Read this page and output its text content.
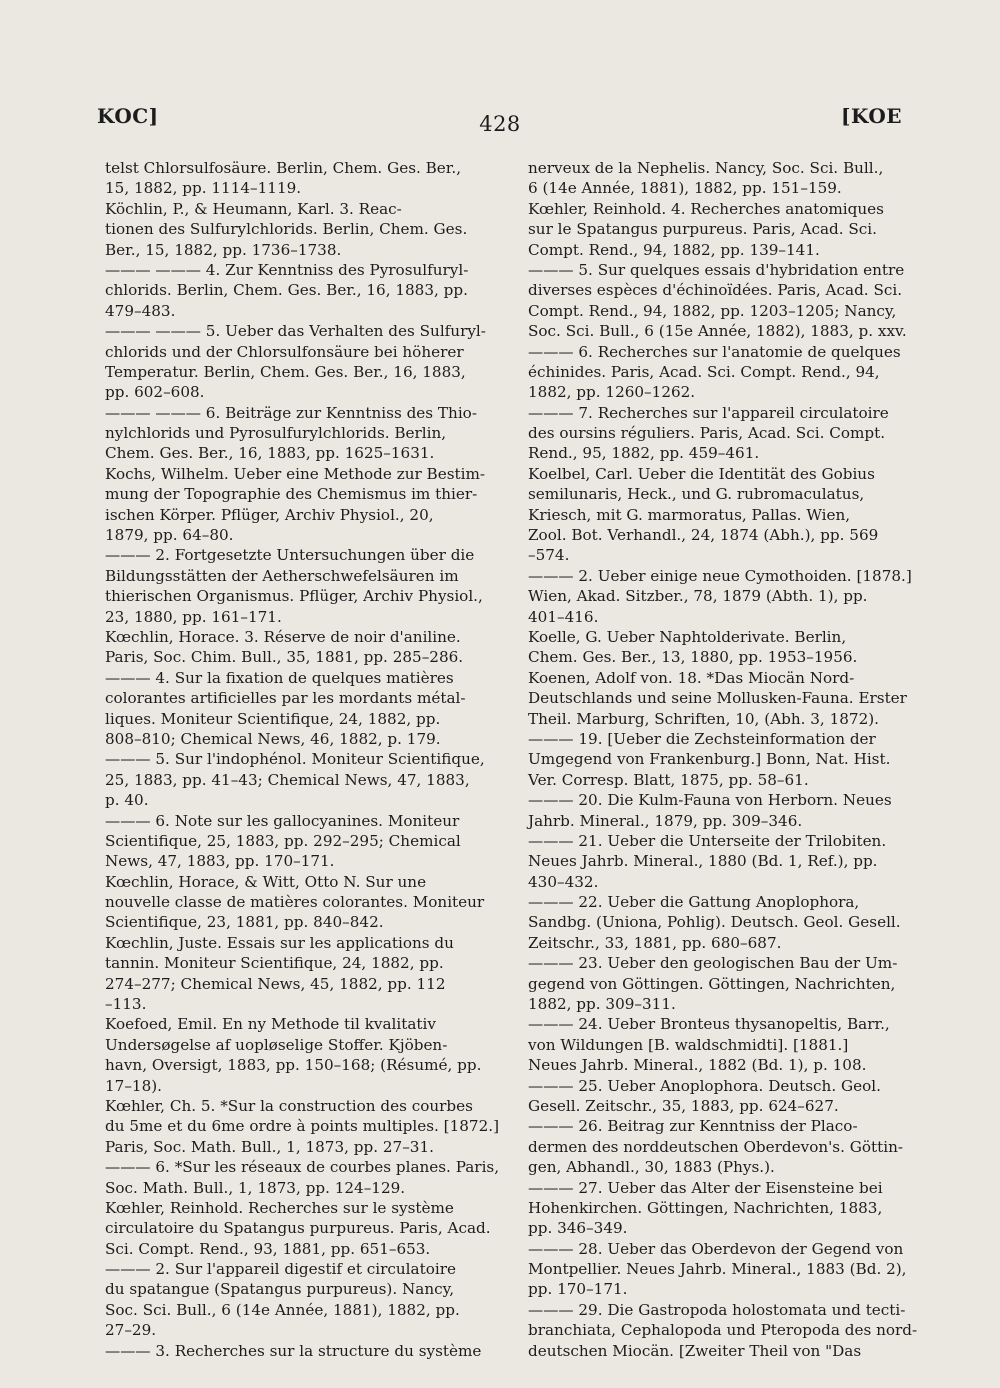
KOC]	428	[KOE
telst Chlorsulfosäure. Berlin, Chem. Ges. Ber.,
15, 1882, pp. 1114–1119.
Köchlin, P., & Heumann, Karl. 3. Reac-
tionen des Sulfurylchlorids. Berlin, Chem. Ges.
Ber., 15, 1882, pp. 1736–1738.
——— ——— 4. Zur Kenntniss des Pyrosulfuryl-
chlorids. Berlin, Chem. Ges. Ber., 16, 1883, pp.
479–483.
——— ——— 5. Ueber das Verhalten des Sulfuryl-
chlorids und der Chlorsulfonsäure bei höherer
Temperatur. Berlin, Chem. Ges. Ber., 16, 1883,
pp. 602–608.
——— ——— 6. Beiträge zur Kenntniss des Thio-
nylchlorids und Pyrosulfurylchlorids. Berlin,
Chem. Ges. Ber., 16, 1883, pp. 1625–1631.
Kochs, Wilhelm. Ueber eine Methode zur Bestim-
mung der Topographie des Chemismus im thier-
ischen Körper. Pflüger, Archiv Physiol., 20,
1879, pp. 64–80.
——— 2. Fortgesetzte Untersuchungen über die
Bildungsstätten der Aetherschwefelsäuren im
thierischen Organismus. Pflüger, Archiv Physiol.,
23, 1880, pp. 161–171.
Kœchlin, Horace. 3. Réserve de noir d'aniline.
Paris, Soc. Chim. Bull., 35, 1881, pp. 285–286.
——— 4. Sur la fixation de quelques matières
colorantes artificielles par les mordants métal-
liques. Moniteur Scientifique, 24, 1882, pp.
808–810; Chemical News, 46, 1882, p. 179.
——— 5. Sur l'indophénol. Moniteur Scientifique,
25, 1883, pp. 41–43; Chemical News, 47, 1883,
p. 40.
——— 6. Note sur les gallocyanines. Moniteur
Scientifique, 25, 1883, pp. 292–295; Chemical
News, 47, 1883, pp. 170–171.
Kœchlin, Horace, & Witt, Otto N. Sur une
nouvelle classe de matières colorantes. Moniteur
Scientifique, 23, 1881, pp. 840–842.
Kœchlin, Juste. Essais sur les applications du
tannin. Moniteur Scientifique, 24, 1882, pp.
274–277; Chemical News, 45, 1882, pp. 112
–113.
Koefoed, Emil. En ny Methode til kvalitativ
Undersøgelse af uopløselige Stoffer. Kjöben-
havn, Oversigt, 1883, pp. 150–168; (Résumé, pp.
17–18).
Kœhler, Ch. 5. *Sur la construction des courbes
du 5me et du 6me ordre à points multiples. [1872.]
Paris, Soc. Math. Bull., 1, 1873, pp. 27–31.
——— 6. *Sur les réseaux de courbes planes. Paris,
Soc. Math. Bull., 1, 1873, pp. 124–129.
Kœhler, Reinhold. Recherches sur le système
circulatoire du Spatangus purpureus. Paris, Acad.
Sci. Compt. Rend., 93, 1881, pp. 651–653.
——— 2. Sur l'appareil digestif et circulatoire
du spatangue (Spatangus purpureus). Nancy,
Soc. Sci. Bull., 6 (14e Année, 1881), 1882, pp.
27–29.
——— 3. Recherches sur la structure du système
nerveux de la Nephelis. Nancy, Soc. Sci. Bull.,
6 (14e Année, 1881), 1882, pp. 151–159.
Kœhler, Reinhold. 4. Recherches anatomiques
sur le Spatangus purpureus. Paris, Acad. Sci.
Compt. Rend., 94, 1882, pp. 139–141.
——— 5. Sur quelques essais d'hybridation entre
diverses espèces d'échinoïdées. Paris, Acad. Sci.
Compt. Rend., 94, 1882, pp. 1203–1205; Nancy,
Soc. Sci. Bull., 6 (15e Année, 1882), 1883, p. xxv.
——— 6. Recherches sur l'anatomie de quelques
échinides. Paris, Acad. Sci. Compt. Rend., 94,
1882, pp. 1260–1262.
——— 7. Recherches sur l'appareil circulatoire
des oursins réguliers. Paris, Acad. Sci. Compt.
Rend., 95, 1882, pp. 459–461.
Koelbel, Carl. Ueber die Identität des Gobius
semilunaris, Heck., und G. rubromaculatus,
Kriesch, mit G. marmoratus, Pallas. Wien,
Zool. Bot. Verhandl., 24, 1874 (Abh.), pp. 569
–574.
——— 2. Ueber einige neue Cymothoiden. [1878.]
Wien, Akad. Sitzber., 78, 1879 (Abth. 1), pp.
401–416.
Koelle, G. Ueber Naphtolderivate. Berlin,
Chem. Ges. Ber., 13, 1880, pp. 1953–1956.
Koenen, Adolf von. 18. *Das Miocän Nord-
Deutschlands und seine Mollusken-Fauna. Erster
Theil. Marburg, Schriften, 10, (Abh. 3, 1872).
——— 19. [Ueber die Zechsteinformation der
Umgegend von Frankenburg.] Bonn, Nat. Hist.
Ver. Corresp. Blatt, 1875, pp. 58–61.
——— 20. Die Kulm-Fauna von Herborn. Neues
Jahrb. Mineral., 1879, pp. 309–346.
——— 21. Ueber die Unterseite der Trilobiten.
Neues Jahrb. Mineral., 1880 (Bd. 1, Ref.), pp.
430–432.
——— 22. Ueber die Gattung Anoplophora,
Sandbg. (Uniona, Pohlig). Deutsch. Geol. Gesell.
Zeitschr., 33, 1881, pp. 680–687.
——— 23. Ueber den geologischen Bau der Um-
gegend von Göttingen. Göttingen, Nachrichten,
1882, pp. 309–311.
——— 24. Ueber Bronteus thysanopeltis, Barr.,
von Wildungen [B. waldschmidti]. [1881.]
Neues Jahrb. Mineral., 1882 (Bd. 1), p. 108.
——— 25. Ueber Anoplophora. Deutsch. Geol.
Gesell. Zeitschr., 35, 1883, pp. 624–627.
——— 26. Beitrag zur Kenntniss der Placo-
dermen des norddeutschen Oberdevon's. Göttin-
gen, Abhandl., 30, 1883 (Phys.).
——— 27. Ueber das Alter der Eisensteine bei
Hohenkirchen. Göttingen, Nachrichten, 1883,
pp. 346–349.
——— 28. Ueber das Oberdevon der Gegend von
Montpellier. Neues Jahrb. Mineral., 1883 (Bd. 2),
pp. 170–171.
——— 29. Die Gastropoda holostomata und tecti-
branchiata, Cephalopoda und Pteropoda des nord-
deutschen Miocän. [Zweiter Theil von "Das
